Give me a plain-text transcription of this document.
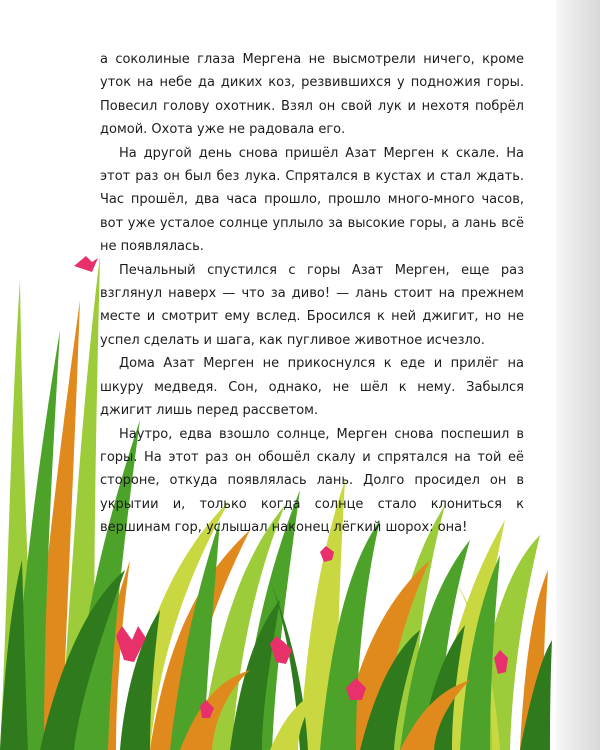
а соколиные глаза Мергена не высмотрели ничего, кроме уток на небе да диких коз, резвившихся у подножия горы. Повесил голову охотник. Взял он свой лук и нехотя побрёл домой. Охота уже не радовала его.

На другой день снова пришёл Азат Мерген к скале. На этот раз он был без лука. Спрятался в кустах и стал ждать. Час прошёл, два часа прошло, прошло много-много часов, вот уже усталое солнце уплыло за высокие горы, а лань всё не появлялась.

Печальный спустился с горы Азат Мерген, еще раз взглянул наверх — что за диво! — лань стоит на прежнем месте и смотрит ему вслед. Бросился к ней джигит, но не успел сделать и шага, как пугливое животное исчезло.

Дома Азат Мерген не прикоснулся к еде и прилёг на шкуру медведя. Сон, однако, не шёл к нему. Забылся джигит лишь перед рассветом.

Наутро, едва взошло солнце, Мерген снова поспешил в горы. На этот раз он обошёл скалу и спрятался на той её стороне, откуда появлялась лань. Долго просидел он в укрытии и, только когда солнце стало клониться к вершинам гор, услышал наконец лёгкий шорох: она!
